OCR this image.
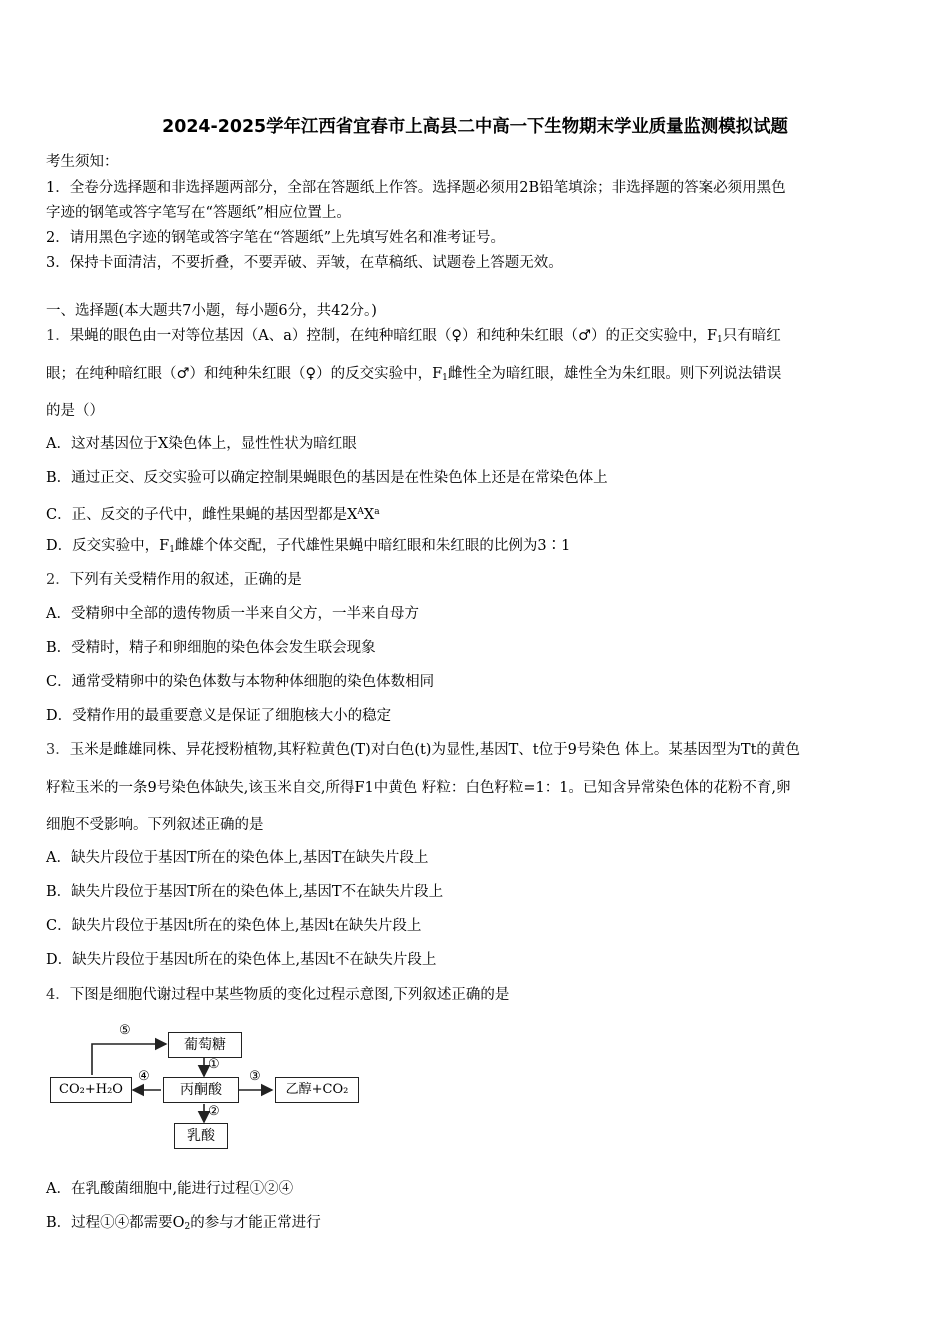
2024-2025学年江西省宜春市上高县二中高一下生物期末学业质量监测模拟试题
考生须知：
1．全卷分选择题和非选择题两部分，全部在答题纸上作答。选择题必须用2B铅笔填涂；非选择题的答案必须用黑色
字迹的钢笔或答字笔写在“答题纸”相应位置上。
2．请用黑色字迹的钢笔或答字笔在“答题纸”上先填写姓名和准考证号。
3．保持卡面清洁，不要折叠，不要弄破、弄皱，在草稿纸、试题卷上答题无效。
一、选择题(本大题共7小题，每小题6分，共42分。)
1．果蝇的眼色由一对等位基因（A、a）控制，在纯种暗红眼（♀）和纯种朱红眼（♂）的正交实验中，$F_1$只有暗红
眼；在纯种暗红眼（♂）和纯种朱红眼（♀）的反交实验中，$F_1$雌性全为暗红眼，雄性全为朱红眼。则下列说法错误
的是（）
A．这对基因位于X染色体上，显性性状为暗红眼
B．通过正交、反交实验可以确定控制果蝇眼色的基因是在性染色体上还是在常染色体上
C．正、反交的子代中，雌性果蝇的基因型都是$X^AX^a$
D．反交实验中，$F_1$雌雄个体交配，子代雄性果蝇中暗红眼和朱红眼的比例为3∶1
2．下列有关受精作用的叙述，正确的是
A．受精卵中全部的遗传物质一半来自父方，一半来自母方
B．受精时，精子和卵细胞的染色体会发生联会现象
C．通常受精卵中的染色体数与本物种体细胞的染色体数相同
D．受精作用的最重要意义是保证了细胞核大小的稳定
3．玉米是雌雄同株、异花授粉植物,其籽粒黄色(T)对白色(t)为显性,基因T、t位于9号染色 体上。某基因型为Tt的黄色
籽粒玉米的一条9号染色体缺失,该玉米自交,所得F1中黄色 籽粒：白色籽粒=1：1。已知含异常染色体的花粉不育,卵
细胞不受影响。下列叙述正确的是
A．缺失片段位于基因T所在的染色体上,基因T在缺失片段上
B．缺失片段位于基因T所在的染色体上,基因T不在缺失片段上
C．缺失片段位于基因t所在的染色体上,基因t在缺失片段上
D．缺失片段位于基因t所在的染色体上,基因t不在缺失片段上
4．下图是细胞代谢过程中某些物质的变化过程示意图,下列叙述正确的是
葡萄糖
丙酮酸
CO₂+H₂O	乙醇+CO₂
乳酸
⑤
①
④	③
②
A．在乳酸菌细胞中,能进行过程①②④
B．过程①④都需要$O_2$的参与才能正常进行
